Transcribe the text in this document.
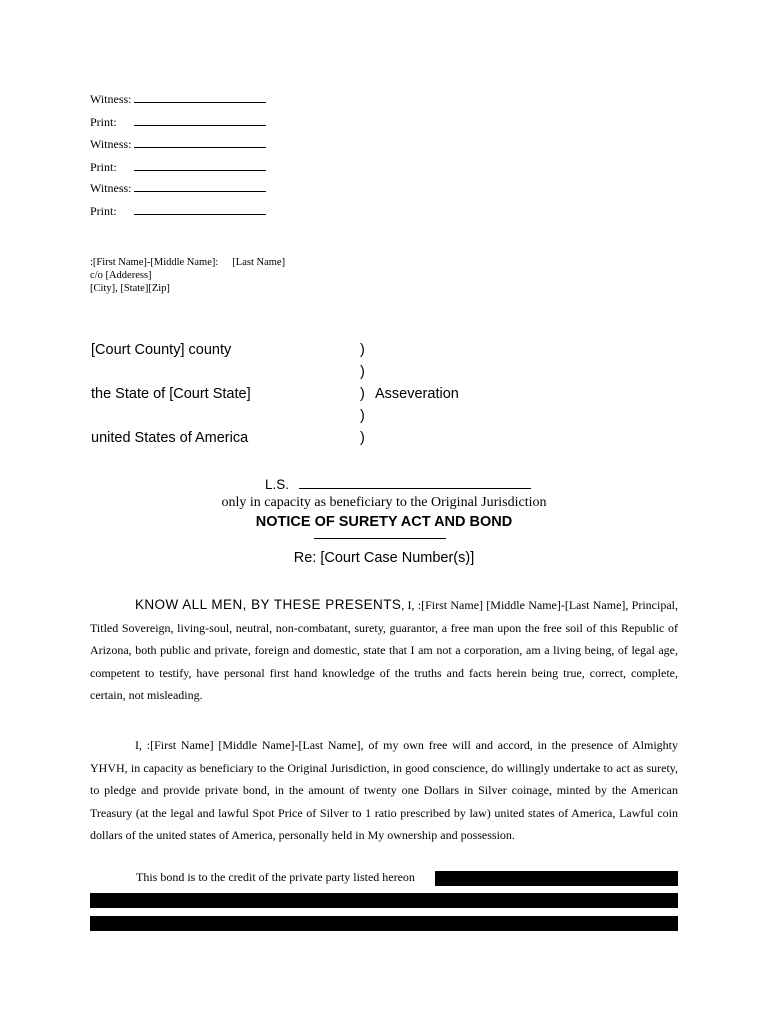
Witness:
Print:
Witness:
Print:
Witness:
Print:
:[First Name]-[Middle Name]: [Last Name]
c/o [Adderess]
[City], [State][Zip]
[Court County] county
the State of [Court State]
united States of America
)
)
)
)
)
Asseveration
L.S.
only in capacity as beneficiary to the Original Jurisdiction
NOTICE OF SURETY ACT AND BOND
Re: [Court Case Number(s)]
KNOW ALL MEN, BY THESE PRESENTS, I, :[First Name] [Middle Name]-[Last Name], Principal, Titled Sovereign, living-soul, neutral, non-combatant, surety, guarantor, a free man upon the free soil of this Republic of Arizona, both public and private, foreign and domestic, state that I am not a corporation, am a living being, of legal age, competent to testify, have personal first hand knowledge of the truths and facts herein being true, correct, complete, certain, not misleading.
I, :[First Name] [Middle Name]-[Last Name], of my own free will and accord, in the presence of Almighty YHVH, in capacity as beneficiary to the Original Jurisdiction, in good conscience, do willingly undertake to act as surety, to pledge and provide private bond, in the amount of twenty one Dollars in Silver coinage, minted by the American Treasury (at the legal and lawful Spot Price of Silver to 1 ratio prescribed by law) united states of America, Lawful coin dollars of the united states of America, personally held in My ownership and possession.
This bond is to the credit of the private party listed hereon
